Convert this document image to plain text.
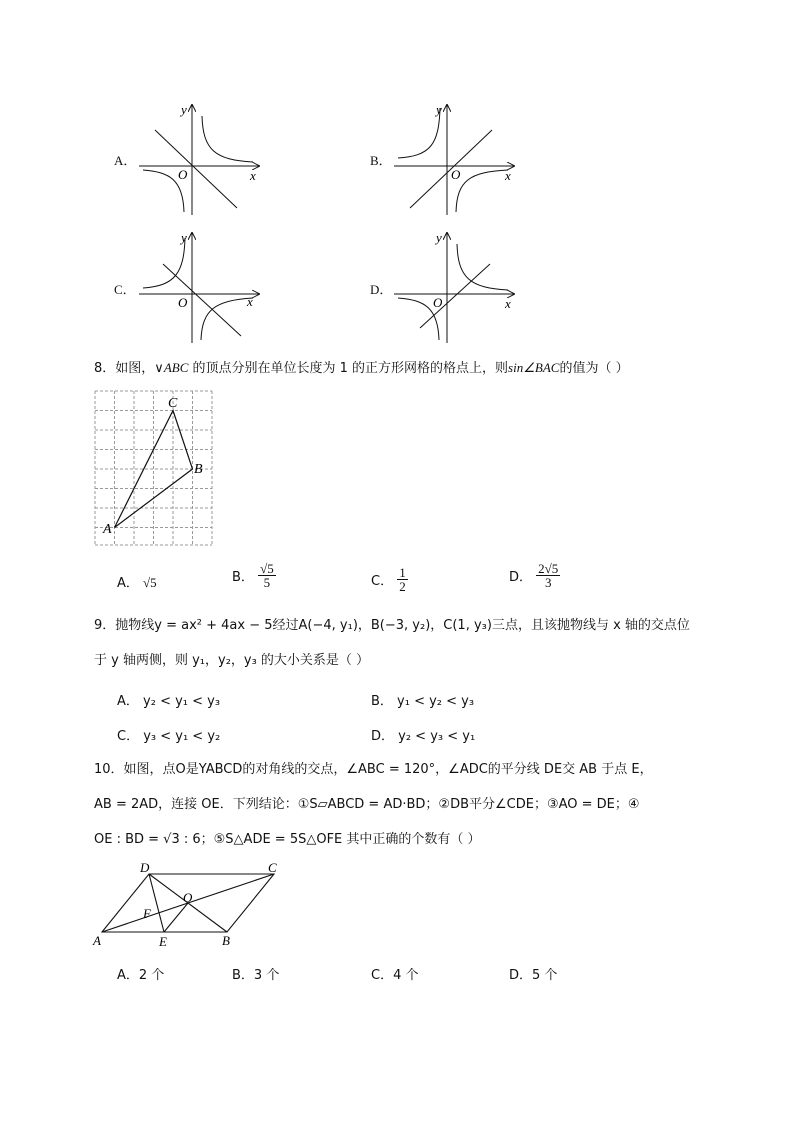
A．
O	x
y
B．
O	x
y
C．
O	x
y
D．
O	x
y
8．如图，∨ABC 的顶点分别在单位长度为 1 的正方形网格的格点上，则sin∠BAC的值为（ ）
A
B
C
A． √5	B． $\frac{√5}{5}$	C． $\frac{1}{2}$	D． $\frac{2√5}{3}$
9．抛物线y = ax² + 4ax − 5经过A(−4, y₁)，B(−3, y₂)，C(1, y₃)三点，且该抛物线与 x 轴的交点位
于 y 轴两侧，则 y₁，y₂，y₃ 的大小关系是（ ）
A． y₂ < y₁ < y₃	B． y₁ < y₂ < y₃
C． y₃ < y₁ < y₂	D． y₂ < y₃ < y₁
10．如图，点O是YABCD的对角线的交点，∠ABC = 120°，∠ADC的平分线 DE交 AB 于点 E，
AB = 2AD，连接 OE．下列结论：①S▱ABCD = AD·BD；②DB平分∠CDE；③AO = DE；④
OE : BD = √3 : 6；⑤S△ADE = 5S△OFE 其中正确的个数有（ ）
A	B
C
D
E
F
O
A．2 个	B．3 个	C．4 个	D．5 个
